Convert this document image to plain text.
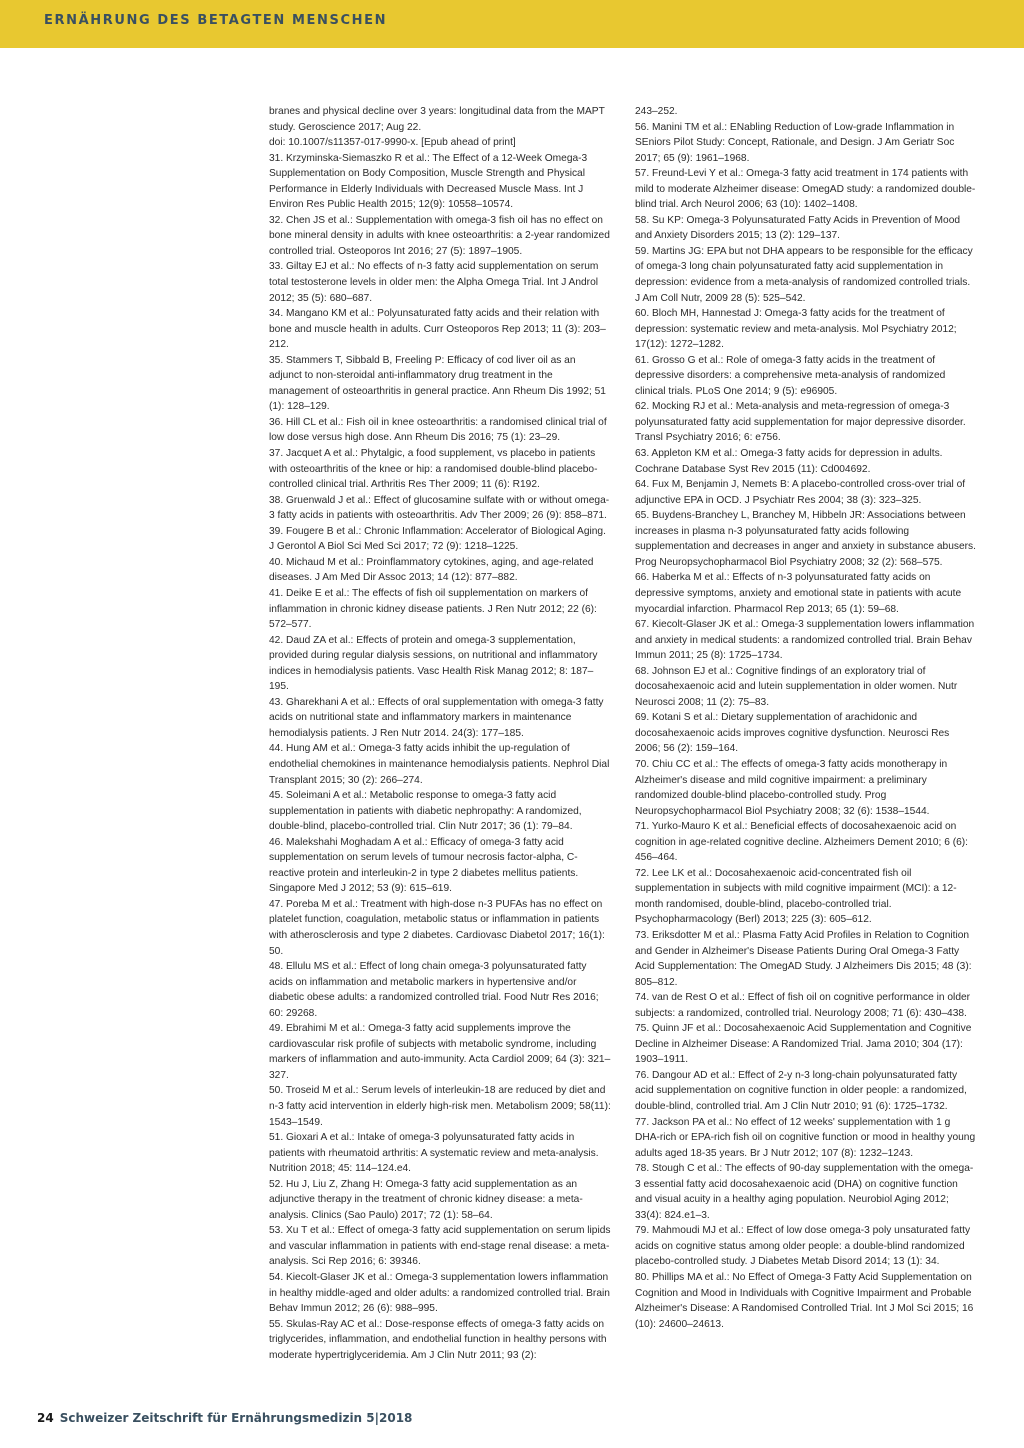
ERNÄHRUNG DES BETAGTEN MENSCHEN

branes and physical decline over 3 years: longitudinal data from the MAPT study. Geroscience 2017; Aug 22.

doi: 10.1007/s11357-017-9990-x. [Epub ahead of print]

31. Krzyminska-Siemaszko R et al.: The Effect of a 12-Week Omega-3 Supplementation on Body Composition, Muscle Strength and Physical Performance in Elderly Individuals with Decreased Muscle Mass. Int J Environ Res Public Health 2015; 12(9): 10558–10574.

32. Chen JS et al.: Supplementation with omega-3 fish oil has no effect on bone mineral density in adults with knee osteoarthritis: a 2-year randomized controlled trial. Osteoporos Int 2016; 27 (5): 1897–1905.

33. Giltay EJ et al.: No effects of n-3 fatty acid supplementation on serum total testosterone levels in older men: the Alpha Omega Trial. Int J Androl 2012; 35 (5): 680–687.

34. Mangano KM et al.: Polyunsaturated fatty acids and their relation with bone and muscle health in adults. Curr Osteoporos Rep 2013; 11 (3): 203–212.

35. Stammers T, Sibbald B, Freeling P: Efficacy of cod liver oil as an adjunct to non-steroidal anti-inflammatory drug treatment in the management of osteoarthritis in general practice. Ann Rheum Dis 1992; 51 (1): 128–129.

36. Hill CL et al.: Fish oil in knee osteoarthritis: a randomised clinical trial of low dose versus high dose. Ann Rheum Dis 2016; 75 (1): 23–29.

37. Jacquet A et al.: Phytalgic, a food supplement, vs placebo in patients with osteoarthritis of the knee or hip: a randomised double-blind placebo-controlled clinical trial. Arthritis Res Ther 2009; 11 (6): R192.

38. Gruenwald J et al.: Effect of glucosamine sulfate with or without omega-3 fatty acids in patients with osteoarthritis. Adv Ther 2009; 26 (9): 858–871.

39. Fougere B et al.: Chronic Inflammation: Accelerator of Biological Aging. J Gerontol A Biol Sci Med Sci 2017; 72 (9): 1218–1225.

40. Michaud M et al.: Proinflammatory cytokines, aging, and age-related diseases. J Am Med Dir Assoc 2013; 14 (12): 877–882.

41. Deike E et al.: The effects of fish oil supplementation on markers of inflammation in chronic kidney disease patients. J Ren Nutr 2012; 22 (6): 572–577.

42. Daud ZA et al.: Effects of protein and omega-3 supplementation, provided during regular dialysis sessions, on nutritional and inflammatory indices in hemodialysis patients. Vasc Health Risk Manag 2012; 8: 187–195.

43. Gharekhani A et al.: Effects of oral supplementation with omega-3 fatty acids on nutritional state and inflammatory markers in maintenance hemodialysis patients. J Ren Nutr 2014. 24(3): 177–185.

44. Hung AM et al.: Omega-3 fatty acids inhibit the up-regulation of endothelial chemokines in maintenance hemodialysis patients. Nephrol Dial Transplant 2015; 30 (2): 266–274.

45. Soleimani A et al.: Metabolic response to omega-3 fatty acid supplementation in patients with diabetic nephropathy: A randomized, double-blind, placebo-controlled trial. Clin Nutr 2017; 36 (1): 79–84.

46. Malekshahi Moghadam A et al.: Efficacy of omega-3 fatty acid supplementation on serum levels of tumour necrosis factor-alpha, C-reactive protein and interleukin-2 in type 2 diabetes mellitus patients. Singapore Med J 2012; 53 (9): 615–619.

47. Poreba M et al.: Treatment with high-dose n-3 PUFAs has no effect on platelet function, coagulation, metabolic status or inflammation in patients with atherosclerosis and type 2 diabetes. Cardiovasc Diabetol 2017; 16(1): 50.

48. Ellulu MS et al.: Effect of long chain omega-3 polyunsaturated fatty acids on inflammation and metabolic markers in hypertensive and/or diabetic obese adults: a randomized controlled trial. Food Nutr Res 2016; 60: 29268.

49. Ebrahimi M et al.: Omega-3 fatty acid supplements improve the cardiovascular risk profile of subjects with metabolic syndrome, including markers of inflammation and auto-immunity. Acta Cardiol 2009; 64 (3): 321–327.

50. Troseid M et al.: Serum levels of interleukin-18 are reduced by diet and n-3 fatty acid intervention in elderly high-risk men. Metabolism 2009; 58(11): 1543–1549.

51. Gioxari A et al.: Intake of omega-3 polyunsaturated fatty acids in patients with rheumatoid arthritis: A systematic review and meta-analysis. Nutrition 2018; 45: 114–124.e4.

52. Hu J, Liu Z, Zhang H: Omega-3 fatty acid supplementation as an adjunctive therapy in the treatment of chronic kidney disease: a meta-analysis. Clinics (Sao Paulo) 2017; 72 (1): 58–64.

53. Xu T et al.: Effect of omega-3 fatty acid supplementation on serum lipids and vascular inflammation in patients with end-stage renal disease: a meta-analysis. Sci Rep 2016; 6: 39346.

54. Kiecolt-Glaser JK et al.: Omega-3 supplementation lowers inflammation in healthy middle-aged and older adults: a randomized controlled trial. Brain Behav Immun 2012; 26 (6): 988–995.

55. Skulas-Ray AC et al.: Dose-response effects of omega-3 fatty acids on triglycerides, inflammation, and endothelial function in healthy persons with moderate hypertriglyceridemia. Am J Clin Nutr 2011; 93 (2):

243–252.

56. Manini TM et al.: ENabling Reduction of Low-grade Inflammation in SEniors Pilot Study: Concept, Rationale, and Design. J Am Geriatr Soc 2017; 65 (9): 1961–1968.

57. Freund-Levi Y et al.: Omega-3 fatty acid treatment in 174 patients with mild to moderate Alzheimer disease: OmegAD study: a randomized double-blind trial. Arch Neurol 2006; 63 (10): 1402–1408.

58. Su KP: Omega-3 Polyunsaturated Fatty Acids in Prevention of Mood and Anxiety Disorders 2015; 13 (2): 129–137.

59. Martins JG: EPA but not DHA appears to be responsible for the efficacy of omega-3 long chain polyunsaturated fatty acid supplementation in depression: evidence from a meta-analysis of randomized controlled trials. J Am Coll Nutr, 2009 28 (5): 525–542.

60. Bloch MH, Hannestad J: Omega-3 fatty acids for the treatment of depression: systematic review and meta-analysis. Mol Psychiatry 2012; 17(12): 1272–1282.

61. Grosso G et al.: Role of omega-3 fatty acids in the treatment of depressive disorders: a comprehensive meta-analysis of randomized clinical trials. PLoS One 2014; 9 (5): e96905.

62. Mocking RJ et al.: Meta-analysis and meta-regression of omega-3 polyunsaturated fatty acid supplementation for major depressive disorder. Transl Psychiatry 2016; 6: e756.

63. Appleton KM et al.: Omega-3 fatty acids for depression in adults. Cochrane Database Syst Rev 2015 (11): Cd004692.

64. Fux M, Benjamin J, Nemets B: A placebo-controlled cross-over trial of adjunctive EPA in OCD. J Psychiatr Res 2004; 38 (3): 323–325.

65. Buydens-Branchey L, Branchey M, Hibbeln JR: Associations between increases in plasma n-3 polyunsaturated fatty acids following supplementation and decreases in anger and anxiety in substance abusers. Prog Neuropsychopharmacol Biol Psychiatry 2008; 32 (2): 568–575.

66. Haberka M et al.: Effects of n-3 polyunsaturated fatty acids on depressive symptoms, anxiety and emotional state in patients with acute myocardial infarction. Pharmacol Rep 2013; 65 (1): 59–68.

67. Kiecolt-Glaser JK et al.: Omega-3 supplementation lowers inflammation and anxiety in medical students: a randomized controlled trial. Brain Behav Immun 2011; 25 (8): 1725–1734.

68. Johnson EJ et al.: Cognitive findings of an exploratory trial of docosahexaenoic acid and lutein supplementation in older women. Nutr Neurosci 2008; 11 (2): 75–83.

69. Kotani S et al.: Dietary supplementation of arachidonic and docosahexaenoic acids improves cognitive dysfunction. Neurosci Res 2006; 56 (2): 159–164.

70. Chiu CC et al.: The effects of omega-3 fatty acids monotherapy in Alzheimer's disease and mild cognitive impairment: a preliminary randomized double-blind placebo-controlled study. Prog Neuropsychopharmacol Biol Psychiatry 2008; 32 (6): 1538–1544.

71. Yurko-Mauro K et al.: Beneficial effects of docosahexaenoic acid on cognition in age-related cognitive decline. Alzheimers Dement 2010; 6 (6): 456–464.

72. Lee LK et al.: Docosahexaenoic acid-concentrated fish oil supplementation in subjects with mild cognitive impairment (MCI): a 12-month randomised, double-blind, placebo-controlled trial. Psychopharmacology (Berl) 2013; 225 (3): 605–612.

73. Eriksdotter M et al.: Plasma Fatty Acid Profiles in Relation to Cognition and Gender in Alzheimer's Disease Patients During Oral Omega-3 Fatty Acid Supplementation: The OmegAD Study. J Alzheimers Dis 2015; 48 (3): 805–812.

74. van de Rest O et al.: Effect of fish oil on cognitive performance in older subjects: a randomized, controlled trial. Neurology 2008; 71 (6): 430–438.

75. Quinn JF et al.: Docosahexaenoic Acid Supplementation and Cognitive Decline in Alzheimer Disease: A Randomized Trial. Jama 2010; 304 (17): 1903–1911.

76. Dangour AD et al.: Effect of 2-y n-3 long-chain polyunsaturated fatty acid supplementation on cognitive function in older people: a randomized, double-blind, controlled trial. Am J Clin Nutr 2010; 91 (6): 1725–1732.

77. Jackson PA et al.: No effect of 12 weeks' supplementation with 1 g DHA-rich or EPA-rich fish oil on cognitive function or mood in healthy young adults aged 18-35 years. Br J Nutr 2012; 107 (8): 1232–1243.

78. Stough C et al.: The effects of 90-day supplementation with the omega-3 essential fatty acid docosahexaenoic acid (DHA) on cognitive function and visual acuity in a healthy aging population. Neurobiol Aging 2012; 33(4): 824.e1–3.

79. Mahmoudi MJ et al.: Effect of low dose omega-3 poly unsaturated fatty acids on cognitive status among older people: a double-blind randomized placebo-controlled study. J Diabetes Metab Disord 2014; 13 (1): 34.

80. Phillips MA et al.: No Effect of Omega-3 Fatty Acid Supplementation on Cognition and Mood in Individuals with Cognitive Impairment and Probable Alzheimer's Disease: A Randomised Controlled Trial. Int J Mol Sci 2015; 16 (10): 24600–24613.

24 Schweizer Zeitschrift für Ernährungsmedizin 5|2018
